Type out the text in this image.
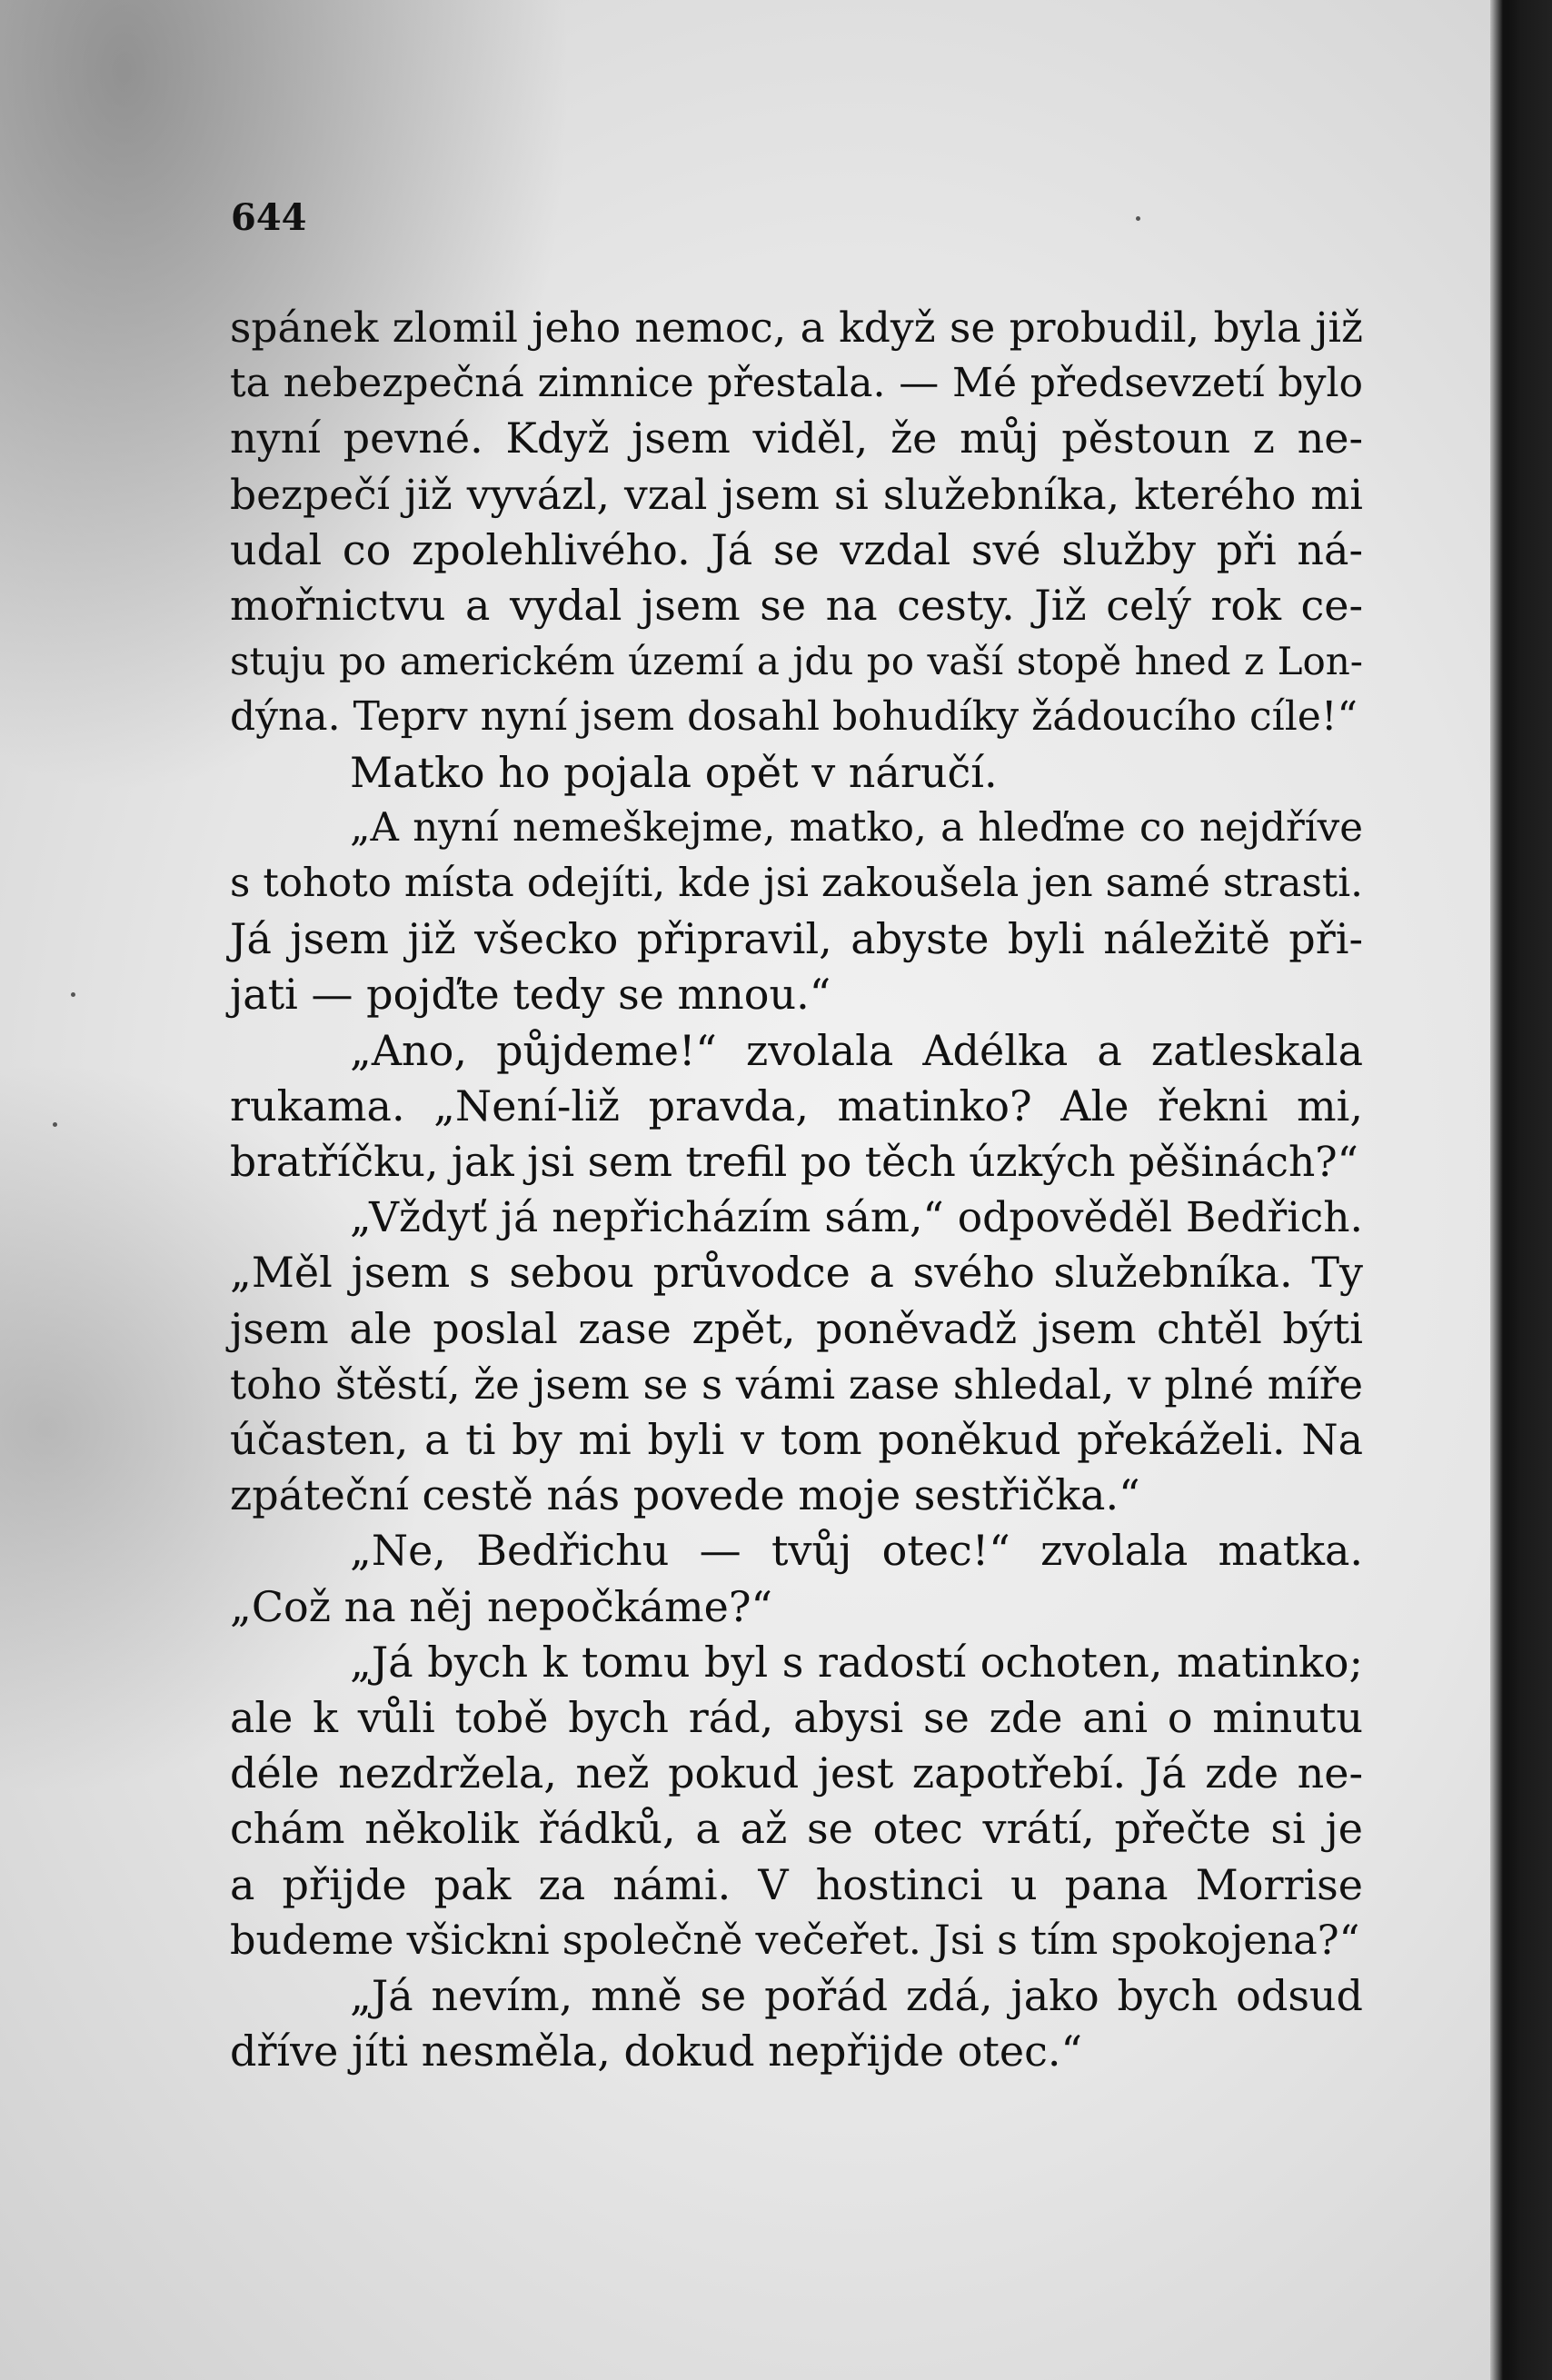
644
spánek zlomil jeho nemoc, a když se probudil, byla již
ta nebezpečná zimnice přestala. — Mé předsevzetí bylo
nyní pevné. Když jsem viděl, že můj pěstoun z ne-
bezpečí již vyvázl, vzal jsem si služebníka, kterého mi
udal co zpolehlivého. Já se vzdal své služby při ná-
mořnictvu a vydal jsem se na cesty. Již celý rok ce-
stuju po americkém území a jdu po vaší stopě hned z Lon-
dýna. Teprv nyní jsem dosahl bohudíky žádoucího cíle!“
Matko ho pojala opět v náručí.
„A nyní nemeškejme, matko, a hleďme co nejdříve
s tohoto místa odejíti, kde jsi zakoušela jen samé strasti.
Já jsem již všecko připravil, abyste byli náležitě při-
jati — pojďte tedy se mnou.“
„Ano, půjdeme!“ zvolala Adélka a zatleskala
rukama. „Není-liž pravda, matinko? Ale řekni mi,
bratříčku, jak jsi sem trefil po těch úzkých pěšinách?“
„Vždyť já nepřicházím sám,“ odpověděl Bedřich.
„Měl jsem s sebou průvodce a svého služebníka. Ty
jsem ale poslal zase zpět, poněvadž jsem chtěl býti
toho štěstí, že jsem se s vámi zase shledal, v plné míře
účasten, a ti by mi byli v tom poněkud překáželi. Na
zpáteční cestě nás povede moje sestřička.“
„Ne, Bedřichu — tvůj otec!“ zvolala matka.
„Což na něj nepočkáme?“
„Já bych k tomu byl s radostí ochoten, matinko;
ale k vůli tobě bych rád, abysi se zde ani o minutu
déle nezdržela, než pokud jest zapotřebí. Já zde ne-
chám několik řádků, a až se otec vrátí, přečte si je
a přijde pak za námi. V hostinci u pana Morrise
budeme všickni společně večeřet. Jsi s tím spokojena?“
„Já nevím, mně se pořád zdá, jako bych odsud
dříve jíti nesměla, dokud nepřijde otec.“
